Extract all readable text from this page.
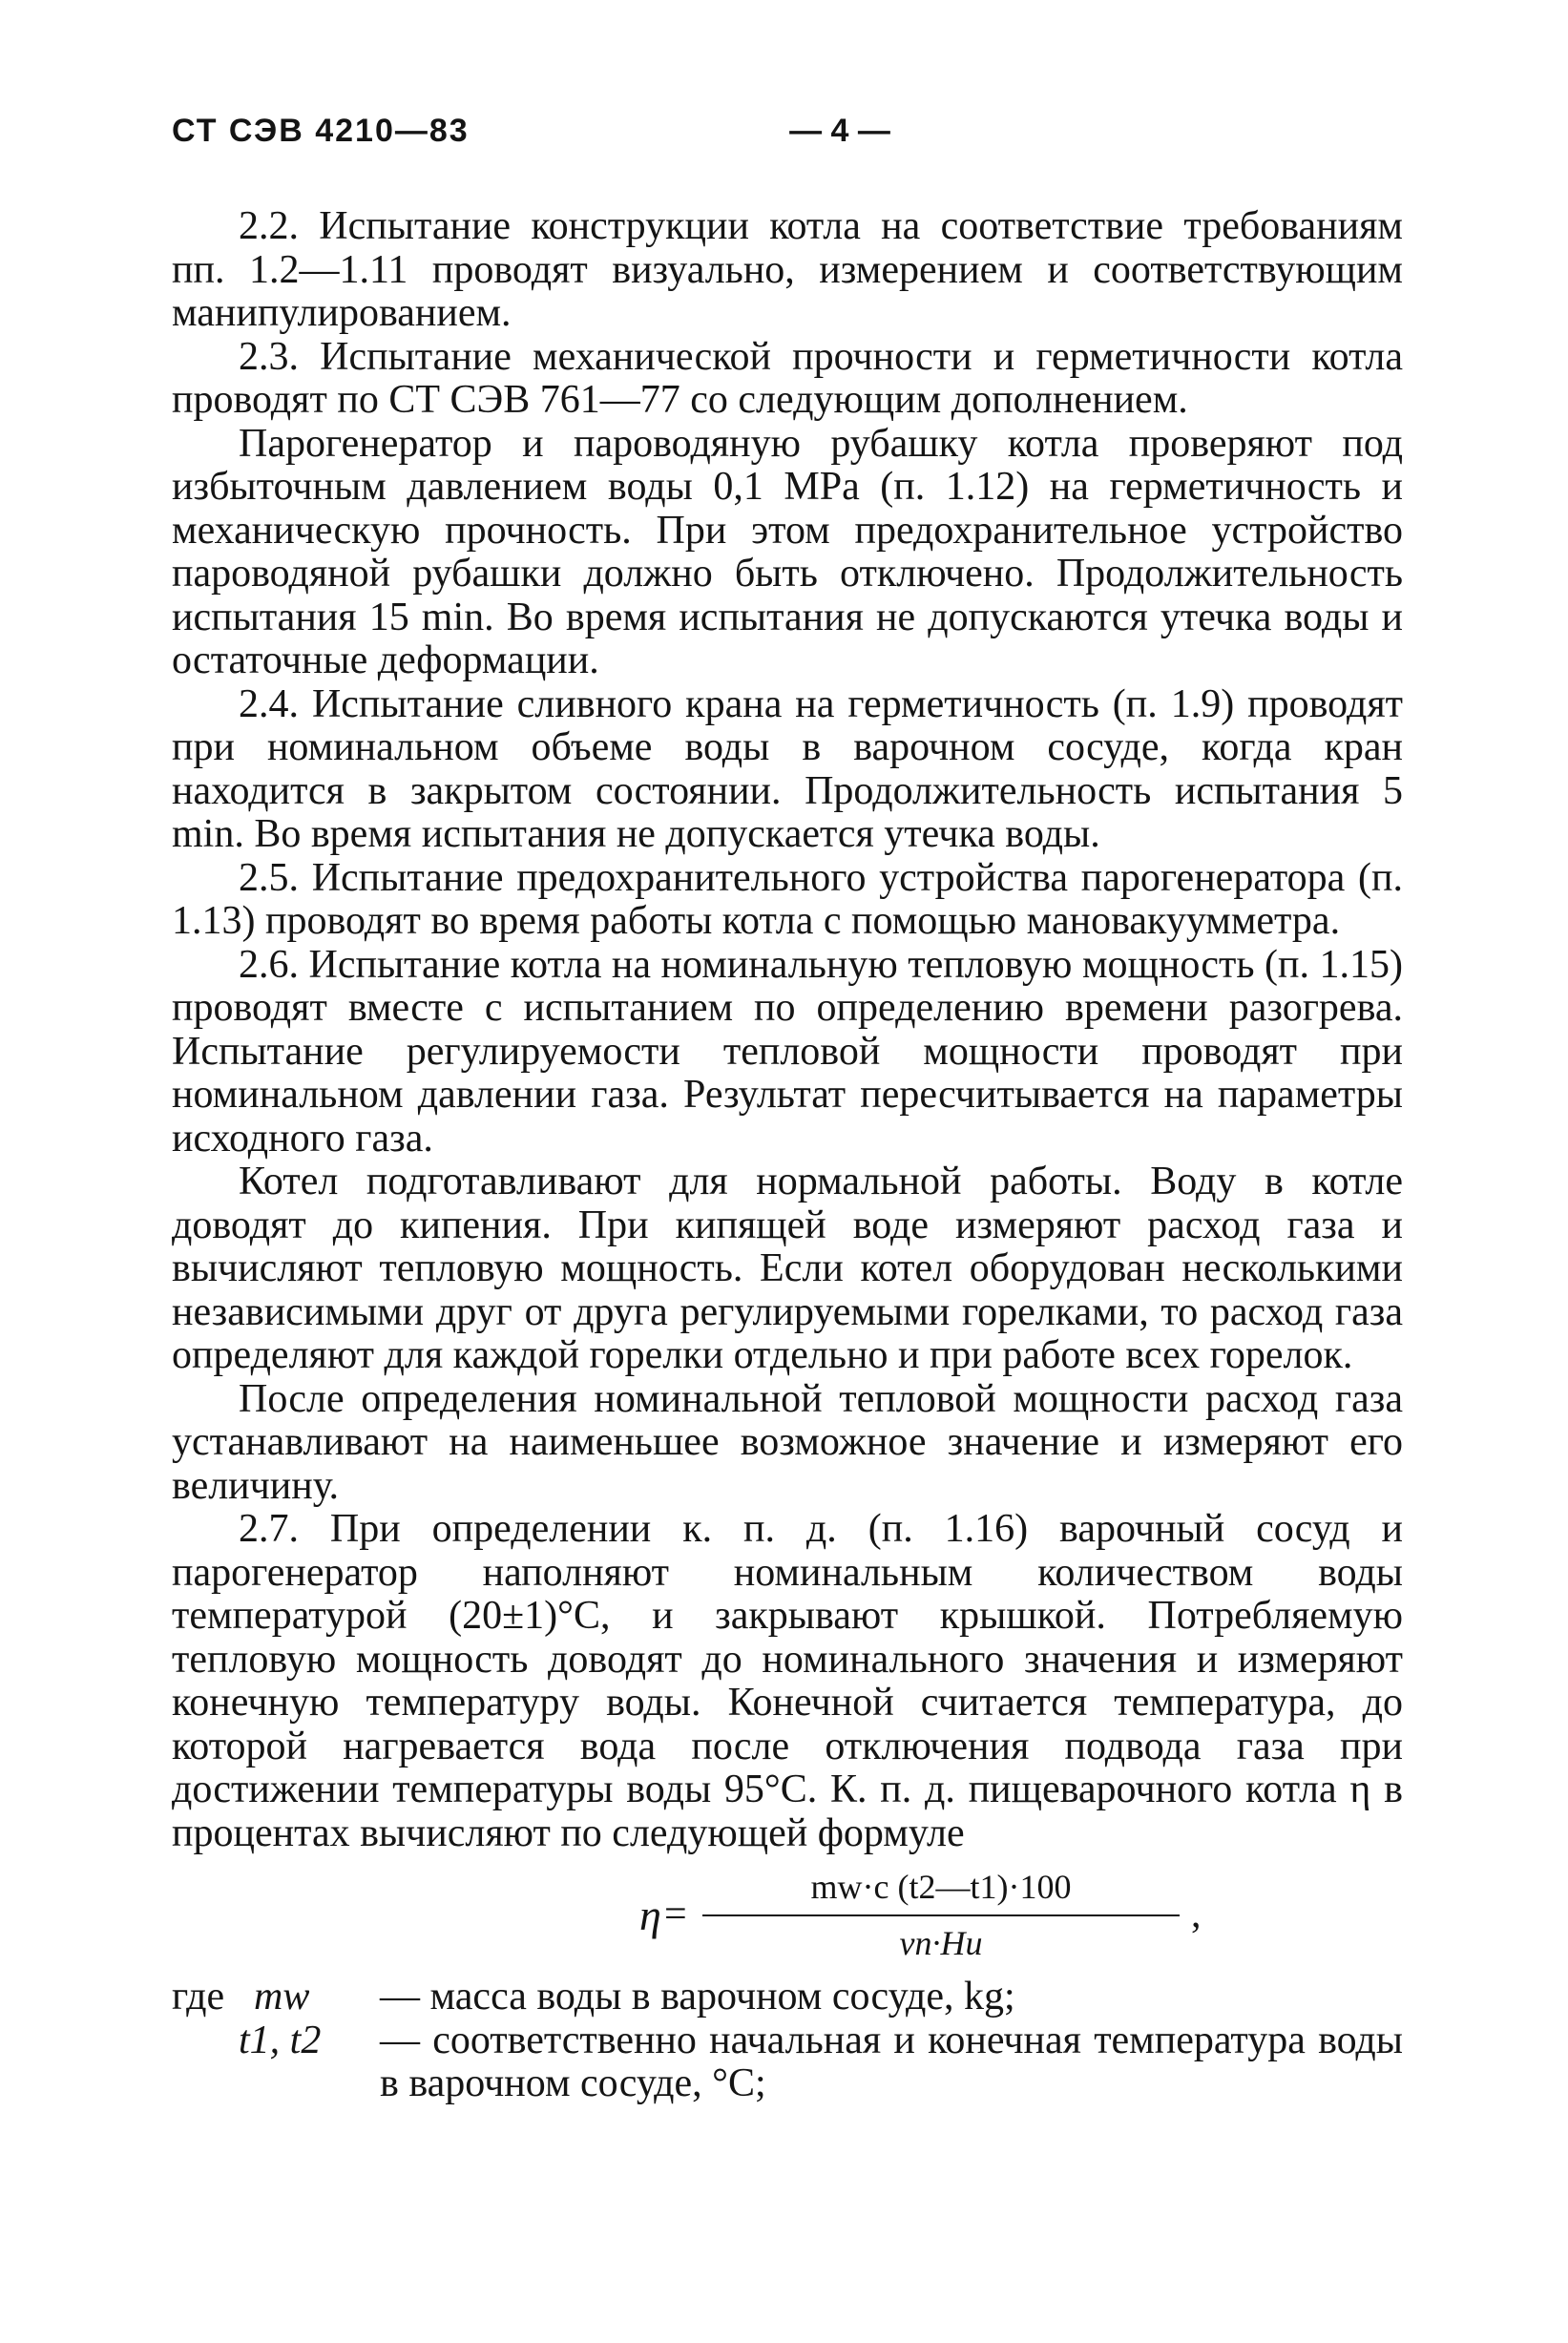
СТ СЭВ 4210—83	— 4 —

2.2. Испытание конструкции котла на соответствие требованиям пп. 1.2—1.11 проводят визуально, измерением и соответствующим манипулированием.

2.3. Испытание механической прочности и герметичности котла проводят по СТ СЭВ 761—77 со следующим дополнением.

Парогенератор и пароводяную рубашку котла проверяют под избыточным давлением воды 0,1 MPa (п. 1.12) на герметичность и механическую прочность. При этом предохранительное устройство пароводяной рубашки должно быть отключено. Продолжительность испытания 15 min. Во время испытания не допускаются утечка воды и остаточные деформации.

2.4. Испытание сливного крана на герметичность (п. 1.9) проводят при номинальном объеме воды в варочном сосуде, когда кран находится в закрытом состоянии. Продолжительность испытания 5 min. Во время испытания не допускается утечка воды.

2.5. Испытание предохранительного устройства парогенератора (п. 1.13) проводят во время работы котла с помощью мановакуумметра.

2.6. Испытание котла на номинальную тепловую мощность (п. 1.15) проводят вместе с испытанием по определению времени разогрева. Испытание регулируемости тепловой мощности проводят при номинальном давлении газа. Результат пересчитывается на параметры исходного газа.

Котел подготавливают для нормальной работы. Воду в котле доводят до кипения. При кипящей воде измеряют расход газа и вычисляют тепловую мощность. Если котел оборудован несколькими независимыми друг от друга регулируемыми горелками, то расход газа определяют для каждой горелки отдельно и при работе всех горелок.

После определения номинальной тепловой мощности расход газа устанавливают на наименьшее возможное значение и измеряют его величину.

2.7. При определении к. п. д. (п. 1.16) варочный сосуд и парогенератор наполняют номинальным количеством воды температурой (20±1)°С, и закрывают крышкой. Потребляемую тепловую мощность доводят до номинального значения и измеряют конечную температуру воды. Конечной считается температура, до которой нагревается вода после отключения подвода газа при достижении температуры воды 95°С. К. п. д. пищеварочного котла η в процентах вычисляют по следующей формуле

η =
mw·c (t2—t1)·100
vn·Hu
,
где mw	— масса воды в варочном сосуде, kg;
t1, t2	— соответственно начальная и конечная температура воды в варочном сосуде, °С;
